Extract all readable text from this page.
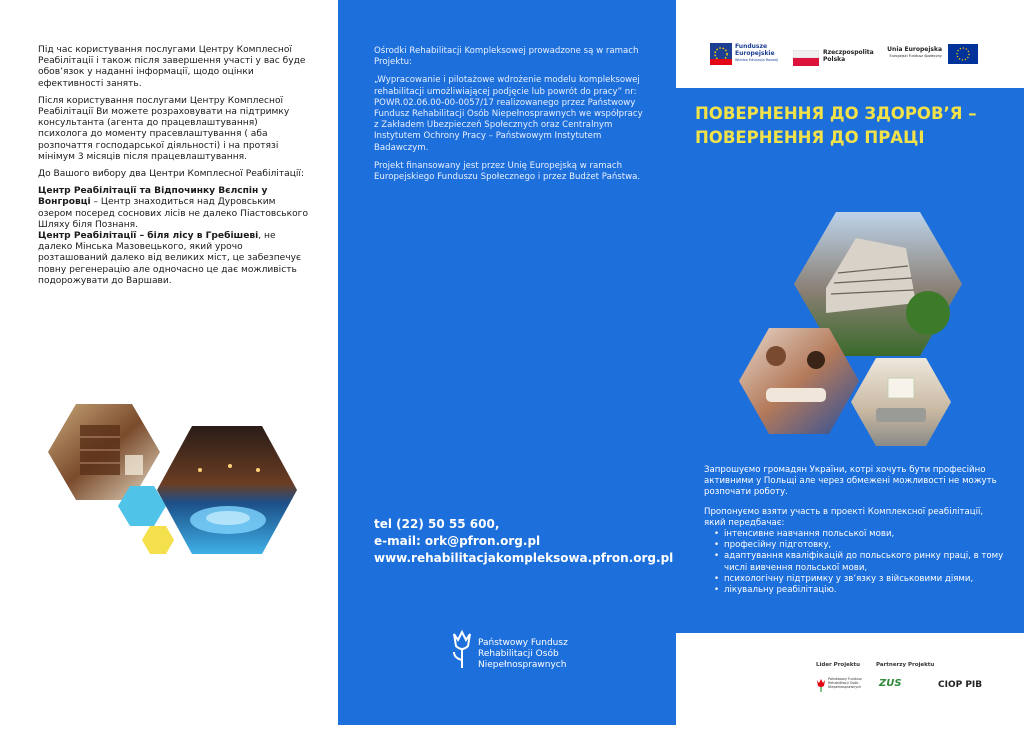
Під час користування послугами Центру Комплесної Реабілітації і також після завершення участі у вас буде обов’язок у наданні інформації, щодо оцінки ефективності занять.

Після користування послугами Центру Комплесної Реабілітації Ви можете розраховувати на підтримку консультанта (агента до працевлаштування) психолога до моменту прасевлаштування ( аба розпочаття господарської діяльності) і на протязі мінімум 3 місяців після працевлаштування.

До Вашого вибору два Центри Комплесної Реабілітації:

Центр Реабілітації та Відпочинку Вєлспін у Вонгровці – Центр знаходиться над Дуровським озером посеред соснових лісів не далеко Піастовського Шляху біля Познаня.

Центр Реабілітації – біля лісу в Гребішеві, не далеко Мінська Мазовецького, який урочо розташований далеко від великих міст, це забезпечує повну регенерацію але одночасно це дає можливість подорожувати до Варшави.

Ośrodki Rehabilitacji Kompleksowej prowadzone są w ramach Projektu:

„Wypracowanie i pilotażowe wdrożenie modelu kompleksowej rehabilitacji umożliwiającej podjęcie lub powrót do pracy” nr: POWR.02.06.00-00-0057/17 realizowanego przez Państwowy Fundusz Rehabilitacji Osób Niepełnosprawnych we współpracy z Zakładem Ubezpieczeń Społecznych oraz Centralnym Instytutem Ochrony Pracy – Państwowym Instytutem Badawczym.

Projekt finansowany jest przez Unię Europejską w ramach Europejskiego Funduszu Społecznego i przez Budżet Państwa.

tel (22) 50 55 600,
e-mail: ork@pfron.org.pl
www.rehabilitacjakompleksowa.pfron.org.pl
Państwowy Fundusz
Rehabilitacji Osób
Niepełnosprawnych
Fundusze
Europejskie
Wiedza Edukacja Rozwój
Rzeczpospolita
Polska
Unia Europejska
Europejski Fundusz Społeczny
ПОВЕРНЕННЯ ДО ЗДОРОВ’Я –
ПОВЕРНЕННЯ ДО ПРАЦІ

Запрошуємо громадян України, котрі хочуть бути професійно активними у Польщі але через обмежені можливості не можуть розпочати роботу.

Пропонуємо взяти участь в проекті Комплексної реабілітації, який передбачає:

• інтенсивне навчання польської мови,
• професійну підготовку,
• адаптування кваліфікацій до польського ринку праці, в тому числі вивчення польської мови,
• психологічну підтримку у зв’язку з військовими діями,
• лікувальну реабілітацію.
Lider Projektu	Partnerzy Projektu
Państwowy Fundusz Rehabilitacji Osób Niepełnosprawnych	ZUS	CIOP PIB
